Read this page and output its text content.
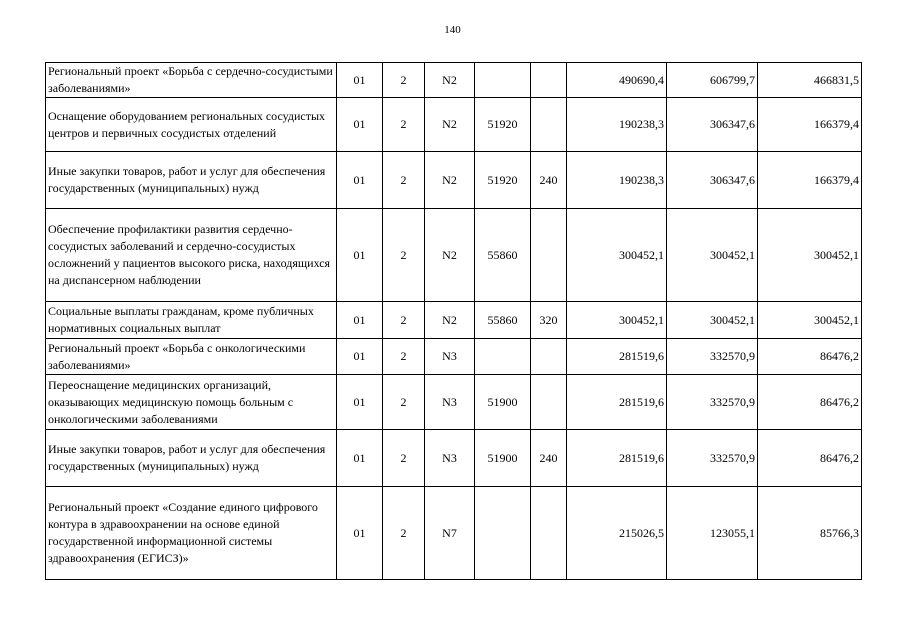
140
Региональный проект «Борьба с сердечно-сосудистыми заболеваниями»	01	2	N2			490690,4	606799,7	466831,5
Оснащение оборудованием региональных сосудистых центров и первичных сосудистых отделений	01	2	N2	51920		190238,3	306347,6	166379,4
Иные закупки товаров, работ и услуг для обеспечения государственных (муниципальных) нужд	01	2	N2	51920	240	190238,3	306347,6	166379,4
Обеспечение профилактики развития сердечно-сосудистых заболеваний и сердечно-сосудистых осложнений у пациентов высокого риска, находящихся на диспансерном наблюдении	01	2	N2	55860		300452,1	300452,1	300452,1
Социальные выплаты гражданам, кроме публичных нормативных социальных выплат	01	2	N2	55860	320	300452,1	300452,1	300452,1
Региональный проект «Борьба с онкологическими заболеваниями»	01	2	N3			281519,6	332570,9	86476,2
Переоснащение медицинских организаций, оказывающих медицинскую помощь больным с онкологическими заболеваниями	01	2	N3	51900		281519,6	332570,9	86476,2
Иные закупки товаров, работ и услуг для обеспечения государственных (муниципальных) нужд	01	2	N3	51900	240	281519,6	332570,9	86476,2
Региональный проект «Создание единого цифрового контура в здравоохранении на основе единой государственной информационной системы здравоохранения (ЕГИСЗ)»	01	2	N7			215026,5	123055,1	85766,3
